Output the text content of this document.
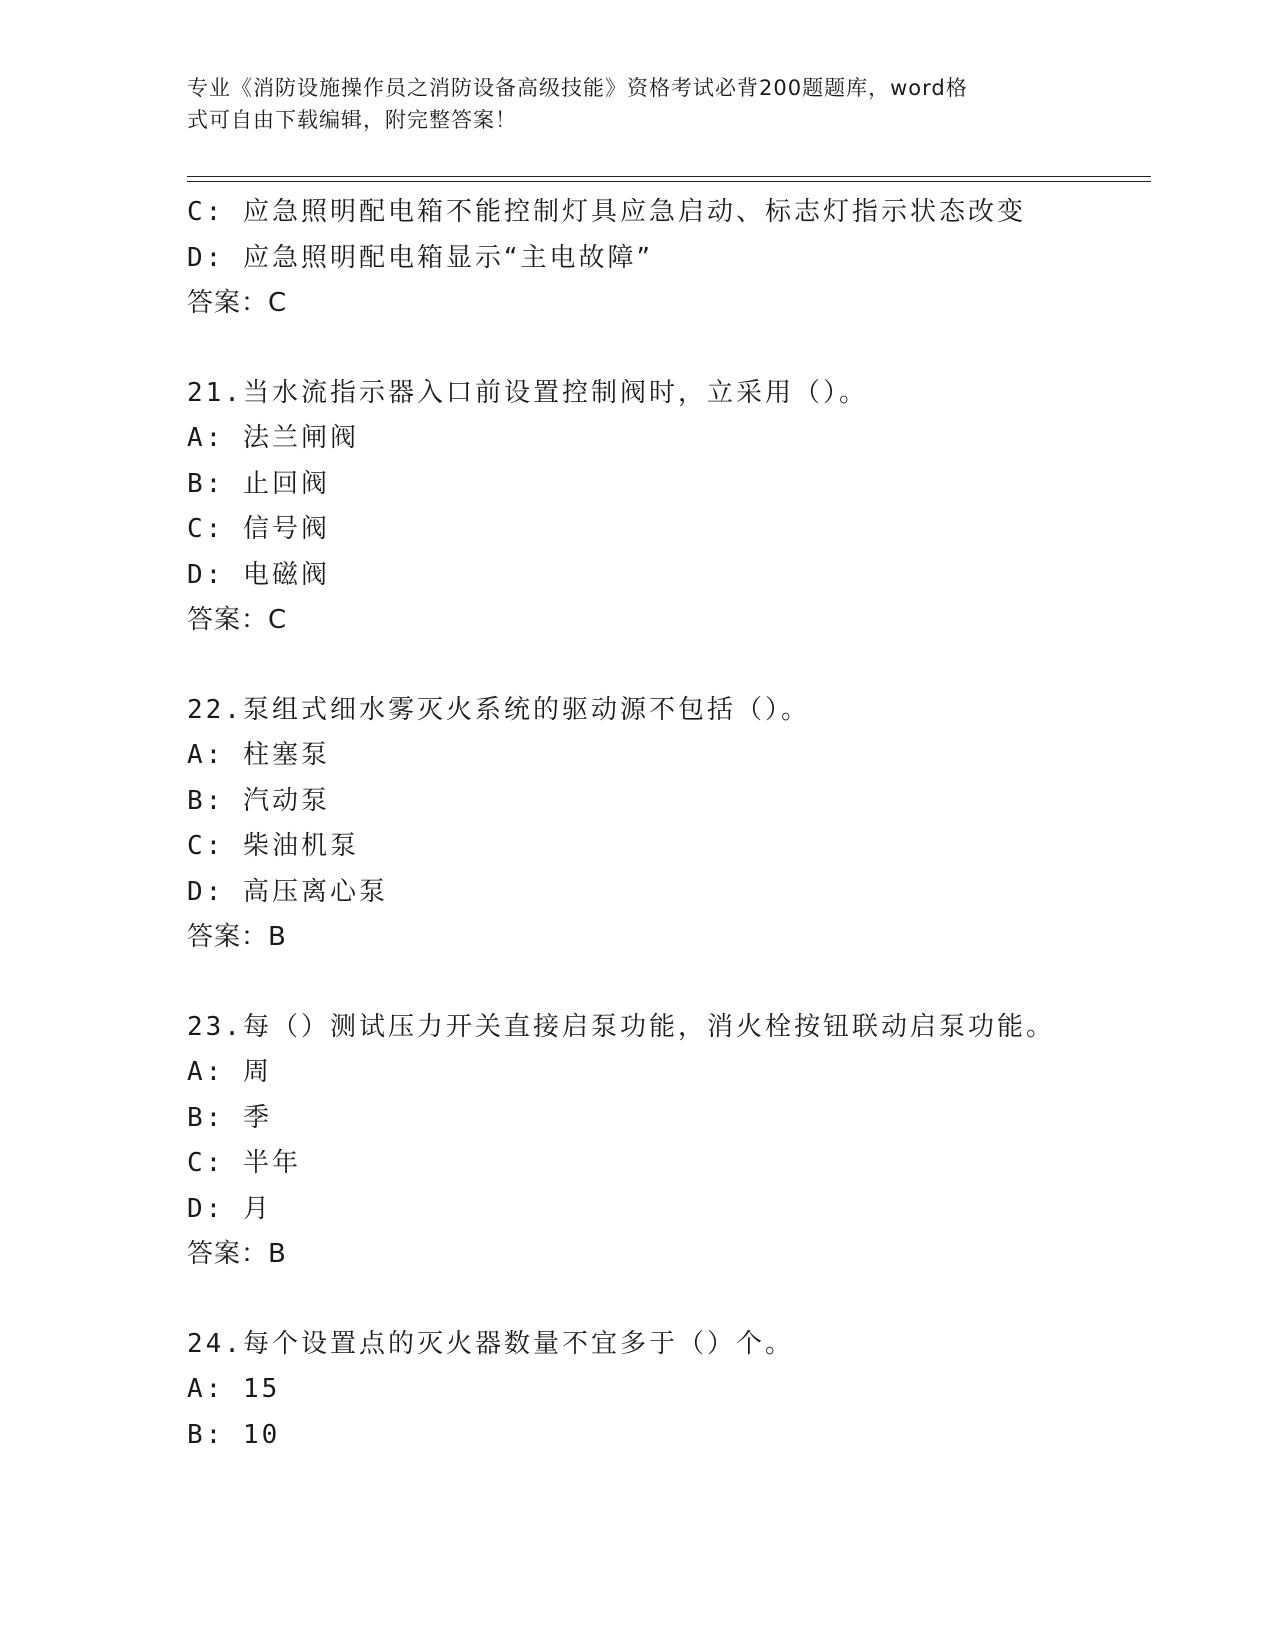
专业《消防设施操作员之消防设备高级技能》资格考试必背200题题库，word格
式可自由下载编辑，附完整答案！
C: 应急照明配电箱不能控制灯具应急启动、标志灯指示状态改变
D: 应急照明配电箱显示“主电故障”
答案：C
21.当水流指示器入口前设置控制阀时，立采用（）。
A: 法兰闸阀
B: 止回阀
C: 信号阀
D: 电磁阀
答案：C
22.泵组式细水雾灭火系统的驱动源不包括（）。
A: 柱塞泵
B: 汽动泵
C: 柴油机泵
D: 高压离心泵
答案：B
23.每（）测试压力开关直接启泵功能，消火栓按钮联动启泵功能。
A: 周
B: 季
C: 半年
D: 月
答案：B
24.每个设置点的灭火器数量不宜多于（）个。
A: 15
B: 10
